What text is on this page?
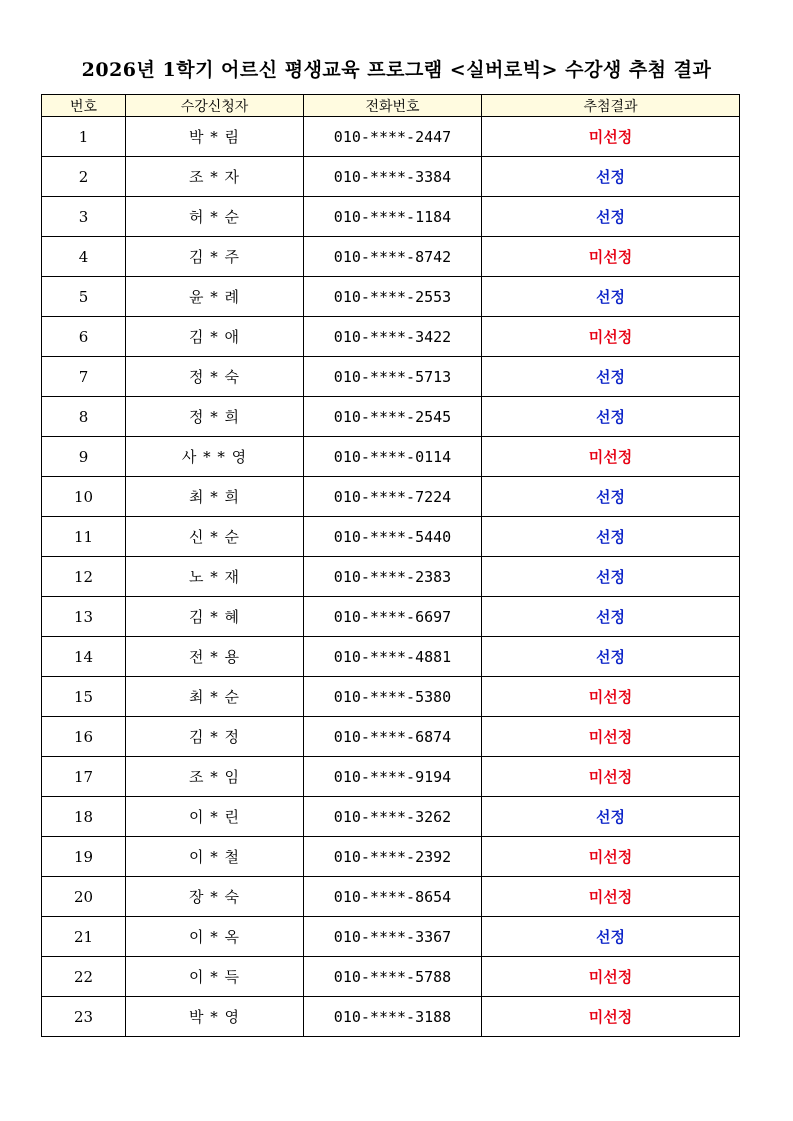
2026년 1학기 어르신 평생교육 프로그램 <실버로빅> 수강생 추첨 결과
번호	수강신청자	전화번호	추첨결과
1	박 * 림	010-****-2447	미선정
2	조 * 자	010-****-3384	선정
3	허 * 순	010-****-1184	선정
4	김 * 주	010-****-8742	미선정
5	윤 * 례	010-****-2553	선정
6	김 * 애	010-****-3422	미선정
7	정 * 숙	010-****-5713	선정
8	정 * 희	010-****-2545	선정
9	사 * * 영	010-****-0114	미선정
10	최 * 희	010-****-7224	선정
11	신 * 순	010-****-5440	선정
12	노 * 재	010-****-2383	선정
13	김 * 혜	010-****-6697	선정
14	전 * 용	010-****-4881	선정
15	최 * 순	010-****-5380	미선정
16	김 * 정	010-****-6874	미선정
17	조 * 임	010-****-9194	미선정
18	이 * 린	010-****-3262	선정
19	이 * 철	010-****-2392	미선정
20	장 * 숙	010-****-8654	미선정
21	이 * 옥	010-****-3367	선정
22	이 * 득	010-****-5788	미선정
23	박 * 영	010-****-3188	미선정
